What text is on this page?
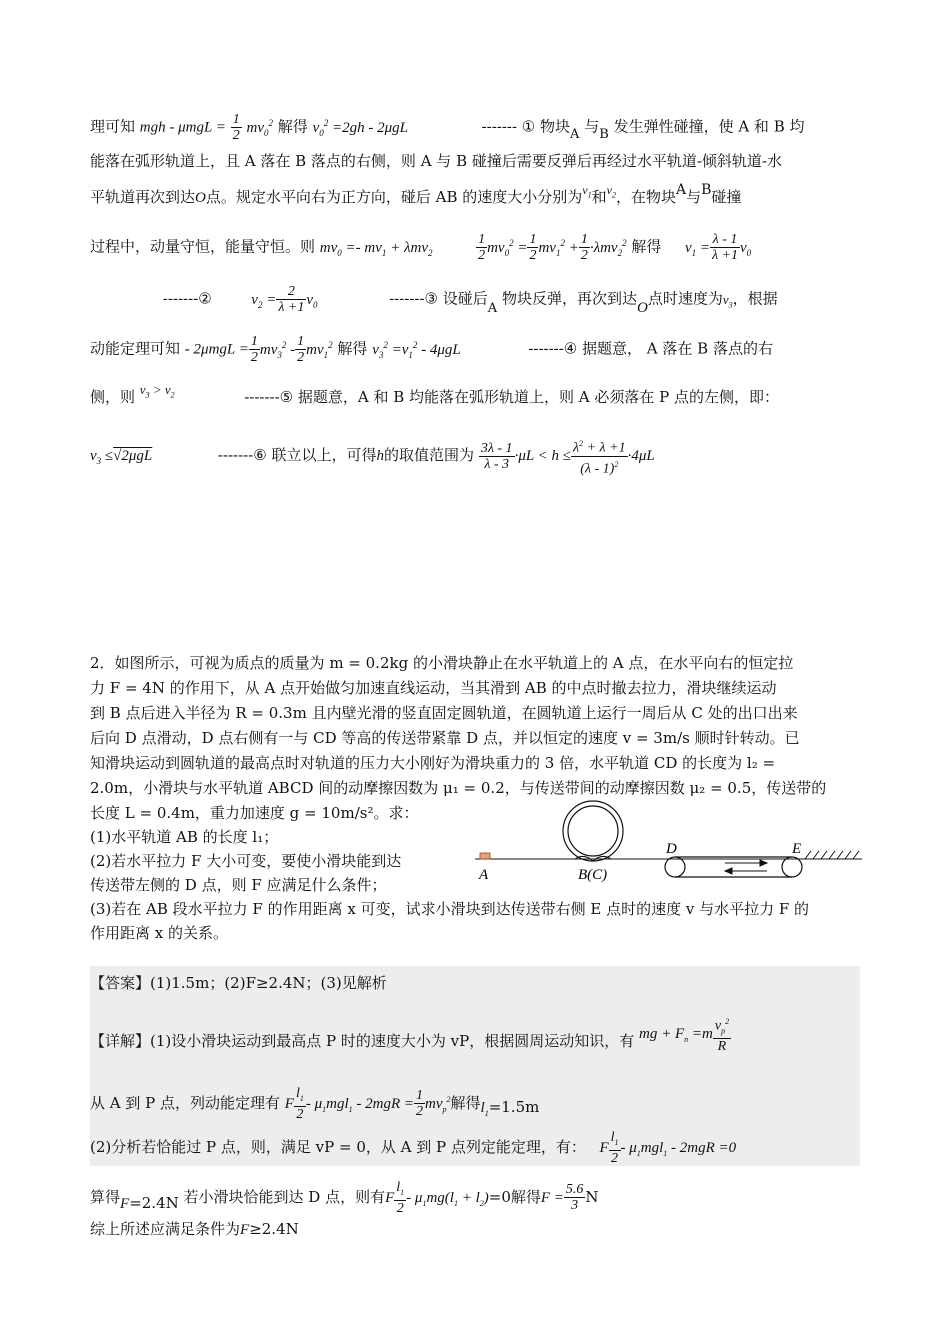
理可知 mgh - $\mu mgL = \frac{1}{2} mv_0^2$ 解得 $v_0^2 =2gh - 2\mu gL$	------- ① 物块A 与B 发生弹性碰撞，使 A 和 B 均
能落在弧形轨道上，且 A 落在 B 落点的右侧，则 A 与 B 碰撞后需要反弹后再经过水平轨道-倾斜轨道-水
平轨道再次到达O点。规定水平向右为正方向，碰后 AB 的速度大小分别为$^{v_1}$和$^{v_2}$，在物块A与B碰撞
过程中，动量守恒，能量守恒。则 $mv_0 =- mv_1 + \lambda mv_2$	$\frac{1}{2} mv_0^2 = \frac{1}{2} mv_1^2 + \frac{1}{2} \cdot\lambda mv_2^2$ 解得 $v_1 = \frac{\lambda - 1}{\lambda +1} v_0$
-------②	$v_2 = \frac{2}{\lambda +1} v_0$	-------③ 设碰后A 物块反弹，再次到达O点时速度为$v_3$，根据
动能定理可知 - $2\mu mgL = \frac{1}{2} mv_3^2 - \frac{1}{2} mv_1^2$ 解得 $v_3^2 =v_1^2 - 4\mu gL$	-------④ 据题意， A 落在 B 落点的右
侧，则 $v_3 > v_2$	-------⑤ 据题意，A 和 B 均能落在弧形轨道上，则 A 必须落在 P 点的左侧，即：
$v_3 \le√2\mu gL$	-------⑥ 联立以上，可得h的取值范围为 $\frac{3\lambda - 1}{\lambda - 3} \cdot\mu L < h \le \frac{\lambda^2 + \lambda +1}{(\lambda - 1)^2} \cdot 4\mu L$
2．如图所示，可视为质点的质量为 m = 0.2kg 的小滑块静止在水平轨道上的 A 点，在水平向右的恒定拉
力 F = 4N 的作用下，从 A 点开始做匀加速直线运动，当其滑到 AB 的中点时撤去拉力，滑块继续运动
到 B 点后进入半径为 R = 0.3m 且内壁光滑的竖直固定圆轨道，在圆轨道上运行一周后从 C 处的出口出来
后向 D 点滑动，D 点右侧有一与 CD 等高的传送带紧靠 D 点，并以恒定的速度 v = 3m/s 顺时针转动。已
知滑块运动到圆轨道的最高点时对轨道的压力大小刚好为滑块重力的 3 倍，水平轨道 CD 的长度为 l₂ =
2.0m，小滑块与水平轨道 ABCD 间的动摩擦因数为 μ₁ = 0.2，与传送带间的动摩擦因数 μ₂ = 0.5，传送带的
长度 L = 0.4m，重力加速度 g = 10m/s²。求：
(1)水平轨道 AB 的长度 l₁；
(2)若水平拉力 F 大小可变，要使小滑块能到达
传送带左侧的 D 点，则 F 应满足什么条件；
(3)若在 AB 段水平拉力 F 的作用距离 x 可变，试求小滑块到达传送带右侧 E 点时的速度 v 与水平拉力 F 的
作用距离 x 的关系。
A	B(C)
D	E
【答案】(1)1.5m；(2)F≥2.4N；(3)见解析
【详解】(1)设小滑块运动到最高点 P 时的速度大小为 vP，根据圆周运动知识，有 mg + $F_n =m \frac{v_p^2}{R}$
从 A 到 P 点，列动能定理有 F $\frac{l_1}{2} - \mu_1mgl_1 - 2mgR = \frac{1}{2} mv_p^2$解得$l_1=1.5m$
(2)分析若恰能过 P 点，则，满足 vP = 0，从 A 到 P 点列定能定理，有： F $\frac{l_1}{2} - \mu_1mgl_1 - 2mgR =0$
算得F=2.4N 若小滑块恰能到达 D 点，则有F $\frac{l_1}{2} - \mu_1mg(l_1 + l_2)=0$解得$F = \frac{5.6}{3}$ N
综上所述应满足条件为F≥2.4N
